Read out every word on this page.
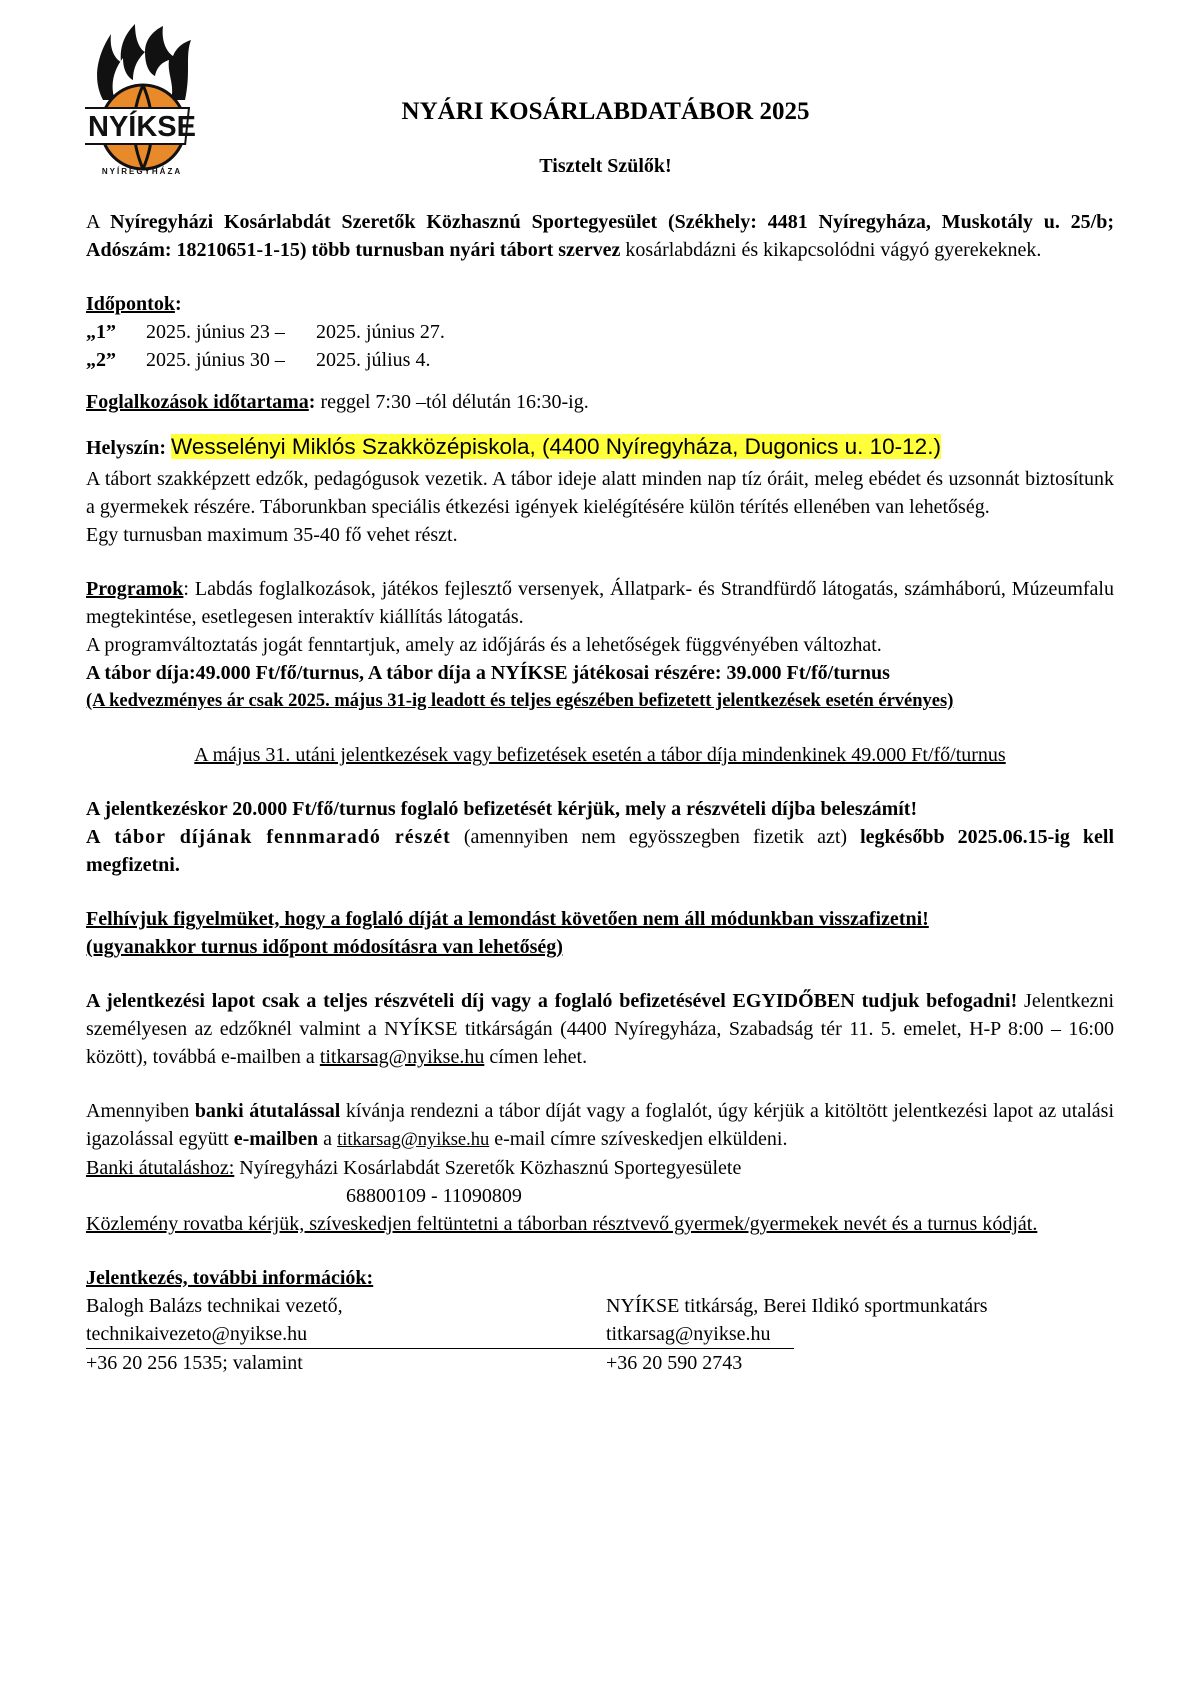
NYÍKSE
NYÍREGYHÁZA
NYÁRI KOSÁRLABDATÁBOR 2025
Tisztelt Szülők!

A Nyíregyházi Kosárlabdát Szeretők Közhasznú Sportegyesület (Székhely: 4481 Nyíregyháza, Muskotály u. 25/b; Adószám: 18210651-1-15) több turnusban nyári tábort szervez kosárlabdázni és kikapcsolódni vágyó gyerekeknek.

Időpontok:

„1”	2025. június 23 –	2025. június 27.
„2”	2025. június 30 –	2025. július 4.

Foglalkozások időtartama: reggel 7:30 –tól délután 16:30-ig.

Helyszín: Wesselényi Miklós Szakközépiskola, (4400 Nyíregyháza, Dugonics u. 10-12.)

A tábort szakképzett edzők, pedagógusok vezetik. A tábor ideje alatt minden nap tíz óráit, meleg ebédet és uzsonnát biztosítunk a gyermekek részére. Táborunkban speciális étkezési igények kielégítésére külön térítés ellenében van lehetőség.

Egy turnusban maximum 35-40 fő vehet részt.

Programok: Labdás foglalkozások, játékos fejlesztő versenyek, Állatpark- és Strandfürdő látogatás, számháború, Múzeumfalu megtekintése, esetlegesen interaktív kiállítás látogatás.

A programváltoztatás jogát fenntartjuk, amely az időjárás és a lehetőségek függvényében változhat.

A tábor díja:49.000 Ft/fő/turnus, A tábor díja a NYÍKSE játékosai részére: 39.000 Ft/fő/turnus

(A kedvezményes ár csak 2025. május 31-ig leadott és teljes egészében befizetett jelentkezések esetén érvényes)

A május 31. utáni jelentkezések vagy befizetések esetén a tábor díja mindenkinek 49.000 Ft/fő/turnus

A jelentkezéskor 20.000 Ft/fő/turnus foglaló befizetését kérjük, mely a részvételi díjba beleszámít!

A tábor díjának fennmaradó részét (amennyiben nem egyösszegben fizetik azt) legkésőbb 2025.06.15-ig kell megfizetni.

Felhívjuk figyelmüket, hogy a foglaló díját a lemondást követően nem áll módunkban visszafizetni!

(ugyanakkor turnus időpont módosításra van lehetőség)

A jelentkezési lapot csak a teljes részvételi díj vagy a foglaló befizetésével EGYIDŐBEN tudjuk befogadni! Jelentkezni személyesen az edzőknél valmint a NYÍKSE titkárságán (4400 Nyíregyháza, Szabadság tér 11. 5. emelet, H-P 8:00 – 16:00 között), továbbá e-mailben a titkarsag@nyikse.hu címen lehet.

Amennyiben banki átutalással kívánja rendezni a tábor díját vagy a foglalót, úgy kérjük a kitöltött jelentkezési lapot az utalási igazolással együtt e-mailben a titkarsag@nyikse.hu e-mail címre szíveskedjen elküldeni.

Banki átutaláshoz: Nyíregyházi Kosárlabdát Szeretők Közhasznú Sportegyesülete

68800109 - 11090809

Közlemény rovatba kérjük, szíveskedjen feltüntetni a táborban résztvevő gyermek/gyermekek nevét és a turnus kódját.

Jelentkezés, további információk:

Balogh Balázs technikai vezető,	NYÍKSE titkárság, Berei Ildikó sportmunkatárs
technikaivezeto@nyikse.hu	titkarsag@nyikse.hu
+36 20 256 1535; valamint	+36 20 590 2743
